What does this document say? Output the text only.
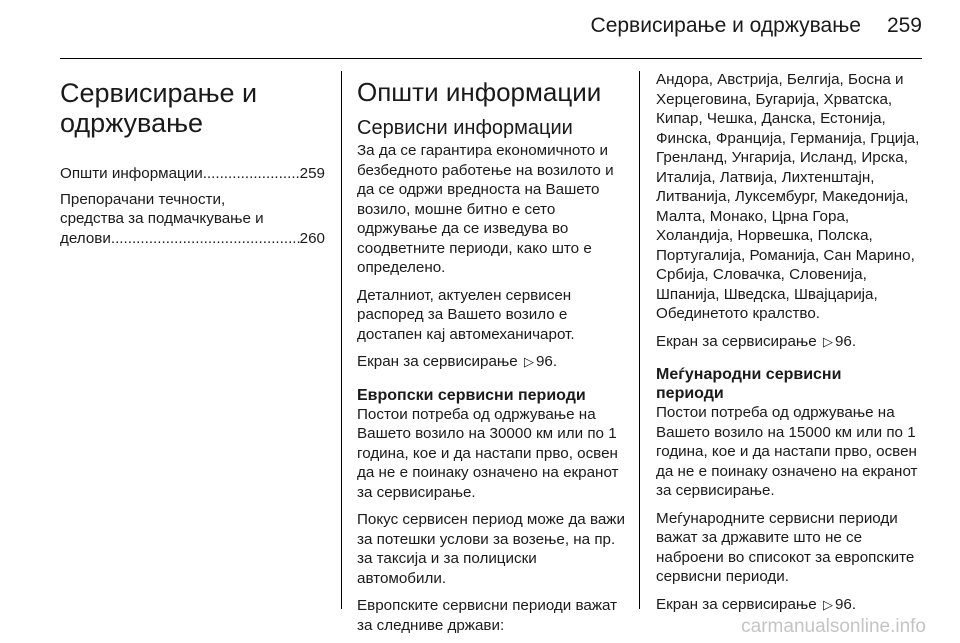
Сервисирање и одржување 259
Сервисирање и одржување
Општи информации .....	259
Препорачани течности,
средства за подмачкување и
делови .....	260
Општи информации
Сервисни информации

За да се гарантира економичното и безбедното работење на возилото и да се одржи вредноста на Вашето возило, мошне битно е сето одржување да се изведува во соодветните периоди, како што е определено.

Деталниот, актуелен сервисен распоред за Вашето возило е достапен кај автомеханичарот.

Екран за сервисирање ▷ 96.

Европски сервисни периоди

Постои потреба од одржување на Вашето возило на 30000 км или по 1 година, кое и да настапи прво, освен да не е поинаку означено на екранот за сервисирање.

Покус сервисен период може да важи за потешки услови за возење, на пр. за таксија и за полициски автомобили.

Европските сервисни периоди важат за следниве држави:

Андора, Австрија, Белгија, Босна и Херцеговина, Бугарија, Хрватска, Кипар, Чешка, Данска, Естонија, Финска, Франција, Германија, Грција, Гренланд, Унгарија, Исланд, Ирска, Италија, Латвија, Лихтенштајн, Литванија, Луксембург, Македонија, Малта, Монако, Црна Гора, Холандија, Норвешка, Полска, Португалија, Романија, Сан Марино, Србија, Словачка, Словенија, Шпанија, Шведска, Швајцарија, Обединетото кралство.

Екран за сервисирање ▷ 96.

Меѓународни сервисни периоди

Постои потреба од одржување на Вашето возило на 15000 км или по 1 година, кое и да настапи прво, освен да не е поинаку означено на екранот за сервисирање.

Меѓународните сервисни периоди важат за државите што не се наброени во списокот за европските сервисни периоди.

Екран за сервисирање ▷ 96.

carmanualsonline.info
